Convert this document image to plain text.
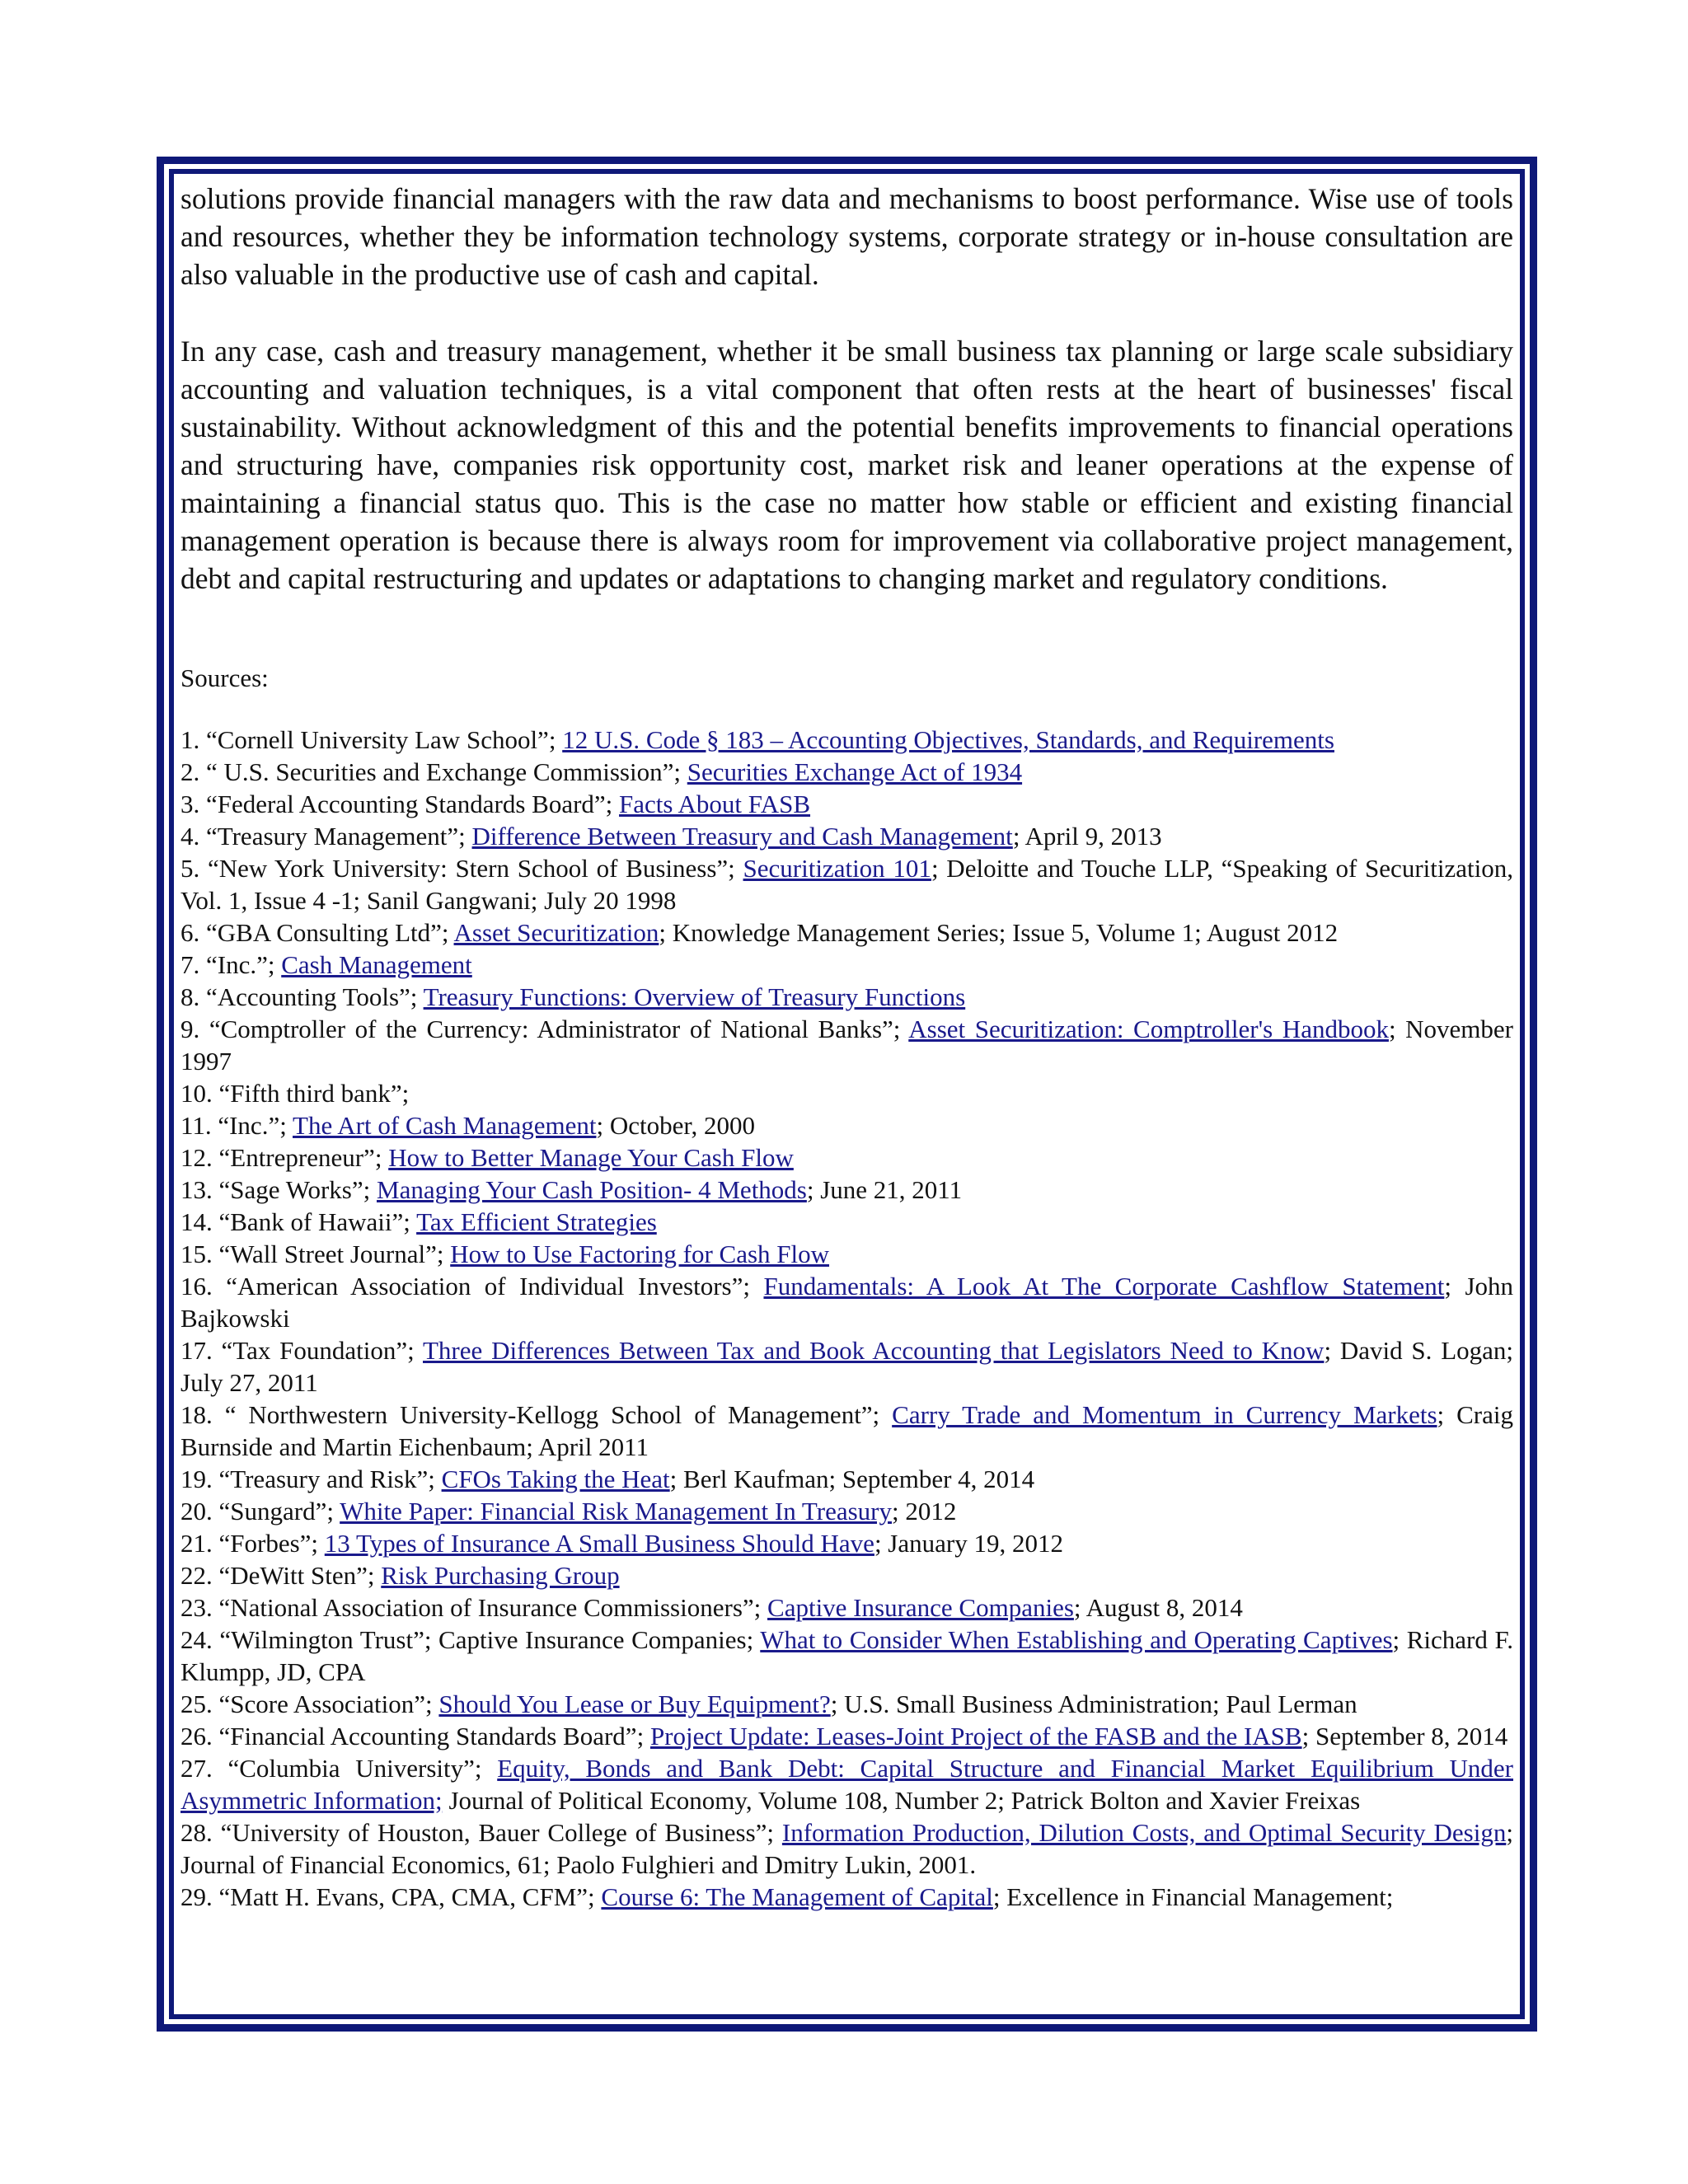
solutions provide financial managers with the raw data and mechanisms to boost performance. Wise use of tools and resources, whether they be information technology systems, corporate strategy or in-house consultation are also valuable in the productive use of cash and capital.

In any case, cash and treasury management, whether it be small business tax planning or large scale subsidiary accounting and valuation techniques, is a vital component that often rests at the heart of businesses' fiscal sustainability. Without acknowledgment of this and the potential benefits improvements to financial operations and structuring have, companies risk opportunity cost, market risk and leaner operations at the expense of maintaining a financial status quo. This is the case no matter how stable or efficient and existing financial management operation is because there is always room for improvement via collaborative project management, debt and capital restructuring and updates or adaptations to changing market and regulatory conditions.

Sources:
1. “Cornell University Law School”; 12 U.S. Code § 183 – Accounting Objectives, Standards, and Requirements
2. “ U.S. Securities and Exchange Commission”; Securities Exchange Act of 1934
3. “Federal Accounting Standards Board”; Facts About FASB
4. “Treasury Management”; Difference Between Treasury and Cash Management; April 9, 2013
5. “New York University: Stern School of Business”; Securitization 101; Deloitte and Touche LLP, “Speaking of Securitization, Vol. 1, Issue 4 -1; Sanil Gangwani; July 20 1998
6. “GBA Consulting Ltd”; Asset Securitization; Knowledge Management Series; Issue 5, Volume 1; August 2012
7. “Inc.”; Cash Management
8. “Accounting Tools”; Treasury Functions: Overview of Treasury Functions
9. “Comptroller of the Currency: Administrator of National Banks”; Asset Securitization: Comptroller's Handbook; November 1997
10. “Fifth third bank”;
11. “Inc.”; The Art of Cash Management; October, 2000
12. “Entrepreneur”; How to Better Manage Your Cash Flow
13. “Sage Works”; Managing Your Cash Position- 4 Methods; June 21, 2011
14. “Bank of Hawaii”; Tax Efficient Strategies
15. “Wall Street Journal”; How to Use Factoring for Cash Flow
16. “American Association of Individual Investors”; Fundamentals: A Look At The Corporate Cashflow Statement; John Bajkowski
17. “Tax Foundation”; Three Differences Between Tax and Book Accounting that Legislators Need to Know; David S. Logan; July 27, 2011
18. “ Northwestern University-Kellogg School of Management”; Carry Trade and Momentum in Currency Markets; Craig Burnside and Martin Eichenbaum; April 2011
19. “Treasury and Risk”; CFOs Taking the Heat; Berl Kaufman; September 4, 2014
20. “Sungard”; White Paper: Financial Risk Management In Treasury; 2012
21. “Forbes”; 13 Types of Insurance A Small Business Should Have; January 19, 2012
22. “DeWitt Sten”; Risk Purchasing Group
23. “National Association of Insurance Commissioners”; Captive Insurance Companies; August 8, 2014
24. “Wilmington Trust”; Captive Insurance Companies; What to Consider When Establishing and Operating Captives; Richard F. Klumpp, JD, CPA
25. “Score Association”; Should You Lease or Buy Equipment?; U.S. Small Business Administration; Paul Lerman
26. “Financial Accounting Standards Board”; Project Update: Leases-Joint Project of the FASB and the IASB; September 8, 2014
27. “Columbia University”; Equity, Bonds and Bank Debt: Capital Structure and Financial Market Equilibrium Under Asymmetric Information; Journal of Political Economy, Volume 108, Number 2; Patrick Bolton and Xavier Freixas
28. “University of Houston, Bauer College of Business”; Information Production, Dilution Costs, and Optimal Security Design; Journal of Financial Economics, 61; Paolo Fulghieri and Dmitry Lukin, 2001.
29. “Matt H. Evans, CPA, CMA, CFM”; Course 6: The Management of Capital; Excellence in Financial Management;
